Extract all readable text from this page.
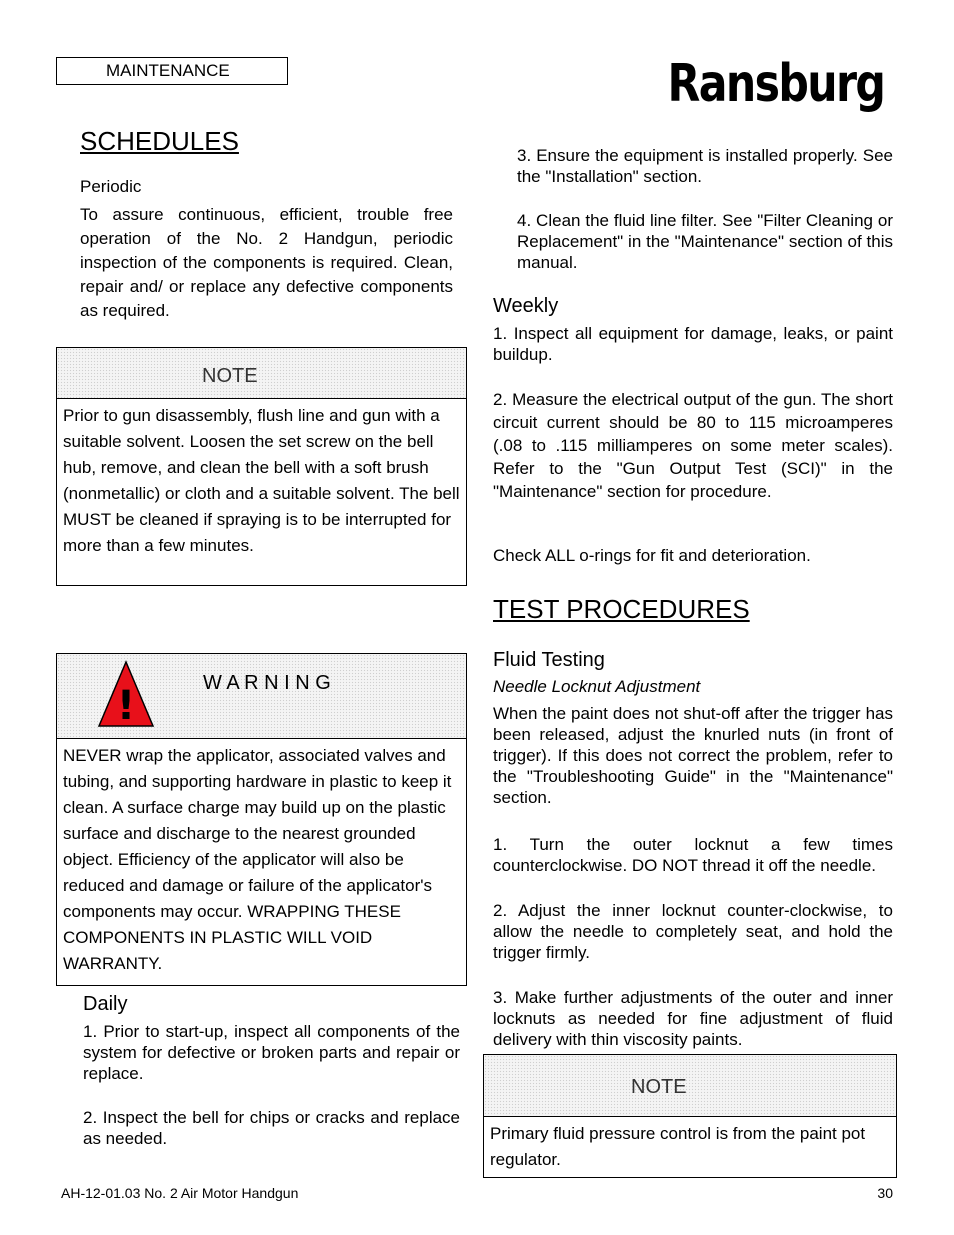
MAINTENANCE	Ransburg
SCHEDULES
Periodic
To assure continuous, efficient, trouble free operation of the No. 2 Handgun, periodic inspection of the components is required. Clean, repair and/ or replace any defective components as required.
NOTE
Prior to gun disassembly, flush line and gun with a suitable solvent. Loosen the set screw on the bell hub, remove, and clean the bell with a soft brush (nonmetallic) or cloth and a suitable solvent. The bell MUST be cleaned if spraying is to be interrupted for more than a few minutes.
!	W A R N I N G
NEVER wrap the applicator, associated valves and tubing, and supporting hardware in plastic to keep it clean. A surface charge may build up on the plastic surface and discharge to the nearest grounded object. Efficiency of the applicator will also be reduced and damage or failure of the applicator's components may occur. WRAPPING THESE COMPONENTS IN PLASTIC WILL VOID WARRANTY.
Daily
1. Prior to start-up, inspect all components of the system for defective or broken parts and repair or replace.
2. Inspect the bell for chips or cracks and replace as needed.
3. Ensure the equipment is installed properly. See the "Installation" section.
4. Clean the fluid line filter. See "Filter Cleaning or Replacement" in the "Maintenance" section of this manual.
Weekly
1. Inspect all equipment for damage, leaks, or paint buildup.
2. Measure the electrical output of the gun. The short circuit current should be 80 to 115 microamperes (.08 to .115 milliamperes on some meter scales). Refer to the "Gun Output Test (SCI)" in the "Maintenance" section for procedure.
Check ALL o-rings for fit and deterioration.
TEST PROCEDURES
Fluid Testing
Needle Locknut Adjustment
When the paint does not shut-off after the trigger has been released, adjust the knurled nuts (in front of trigger). If this does not correct the problem, refer to the "Troubleshooting Guide" in the "Maintenance" section.
1. Turn the outer locknut a few times counterclockwise. DO NOT thread it off the needle.
2. Adjust the inner locknut counter-clockwise, to allow the needle to completely seat, and hold the trigger firmly.
3. Make further adjustments of the outer and inner locknuts as needed for fine adjustment of fluid delivery with thin viscosity paints.
NOTE
Primary fluid pressure control is from the paint pot regulator.
AH-12-01.03 No. 2 Air Motor Handgun	30
